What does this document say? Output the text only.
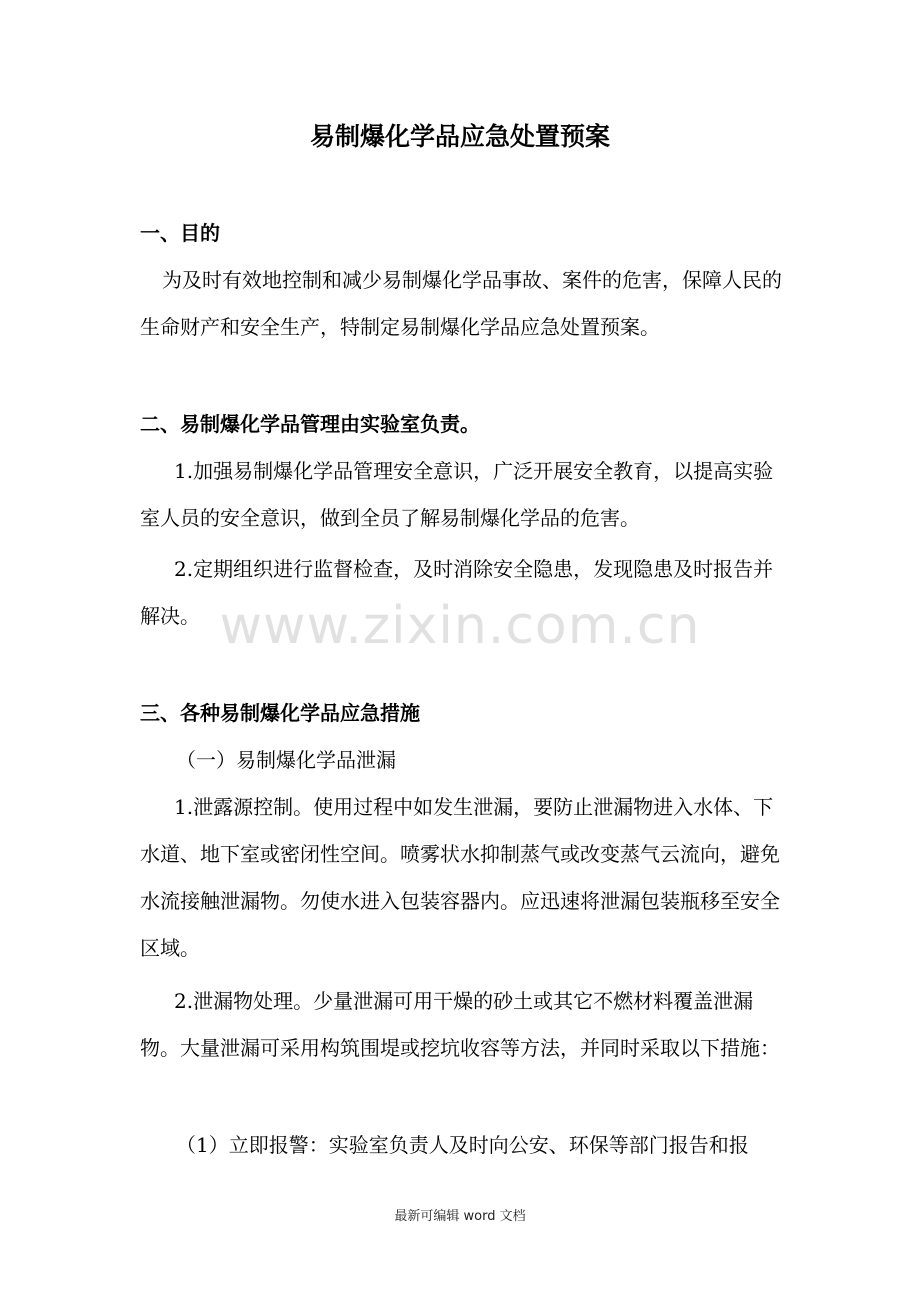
易制爆化学品应急处置预案

一、目的

为及时有效地控制和减少易制爆化学品事故、案件的危害，保障人民的生命财产和安全生产，特制定易制爆化学品应急处置预案。

二、易制爆化学品管理由实验室负责。

1.加强易制爆化学品管理安全意识，广泛开展安全教育，以提高实验室人员的安全意识，做到全员了解易制爆化学品的危害。

2.定期组织进行监督检查，及时消除安全隐患，发现隐患及时报告并解决。

三、各种易制爆化学品应急措施

（一）易制爆化学品泄漏

1.泄露源控制。使用过程中如发生泄漏，要防止泄漏物进入水体、下水道、地下室或密闭性空间。喷雾状水抑制蒸气或改变蒸气云流向，避免水流接触泄漏物。勿使水进入包装容器内。应迅速将泄漏包装瓶移至安全区域。

2.泄漏物处理。少量泄漏可用干燥的砂土或其它不燃材料覆盖泄漏物。大量泄漏可采用构筑围堤或挖坑收容等方法，并同时采取以下措施：

（1）立即报警：实验室负责人及时向公安、环保等部门报告和报

www.zixin.com.cn
最新可编辑 word 文档
